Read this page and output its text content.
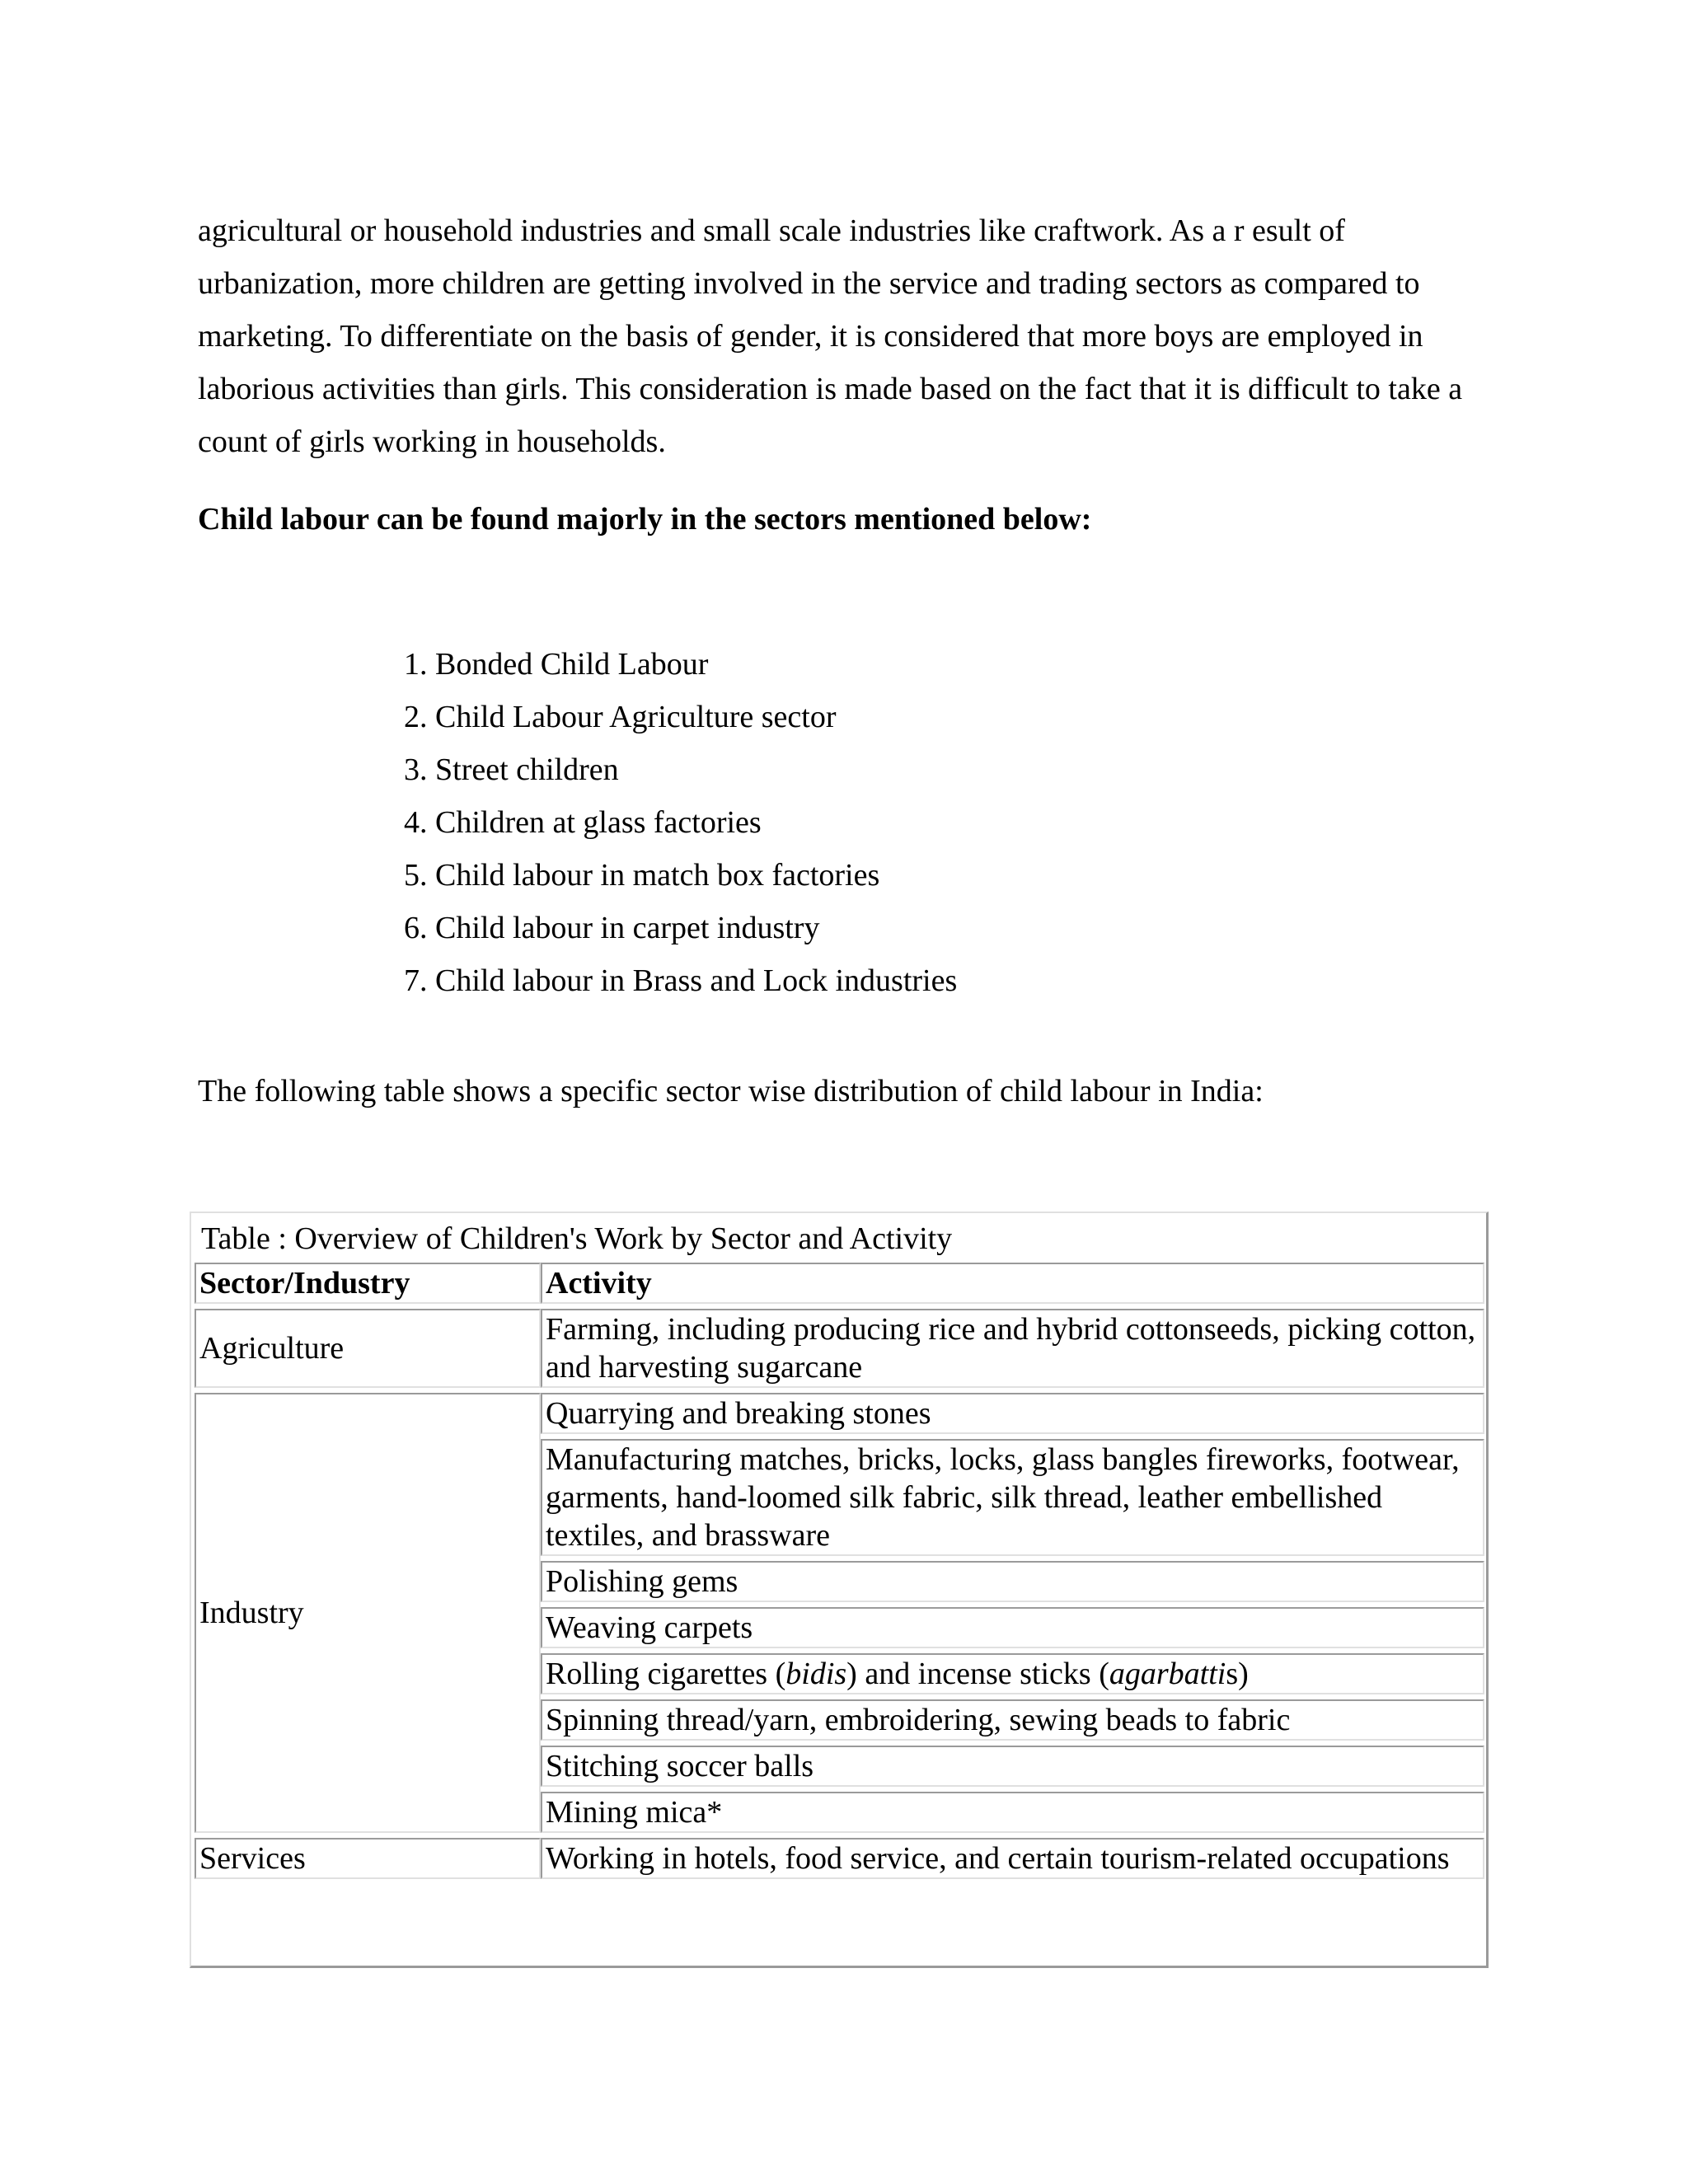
agricultural or household industries and small scale industries like craftwork. As a r esult of urbanization, more children are getting involved in the service and trading sectors as compared to marketing. To differentiate on the basis of gender, it is considered that more boys are employed in laborious activities than girls. This consideration is made based on the fact that it is difficult to take a count of girls working in households.

Child labour can be found majorly in the sectors mentioned below:

1. Bonded Child Labour
2. Child Labour Agriculture sector
3. Street children
4. Children at glass factories
5. Child labour in match box factories
6. Child labour in carpet industry
7. Child labour in Brass and Lock industries

The following table shows a specific sector wise distribution of child labour in India:

Table : Overview of Children's Work by Sector and Activity
Sector/Industry	Activity
Agriculture	Farming, including producing rice and hybrid cottonseeds, picking cotton, and harvesting sugarcane
Industry	Quarrying and breaking stones
	Manufacturing matches, bricks, locks, glass bangles fireworks, footwear, garments, hand-loomed silk fabric, silk thread, leather embellished textiles, and brassware
	Polishing gems
	Weaving carpets
	Rolling cigarettes (bidis) and incense sticks (agarbattis)
	Spinning thread/yarn, embroidering, sewing beads to fabric
	Stitching soccer balls
	Mining mica*
Services	Working in hotels, food service, and certain tourism-related occupations
